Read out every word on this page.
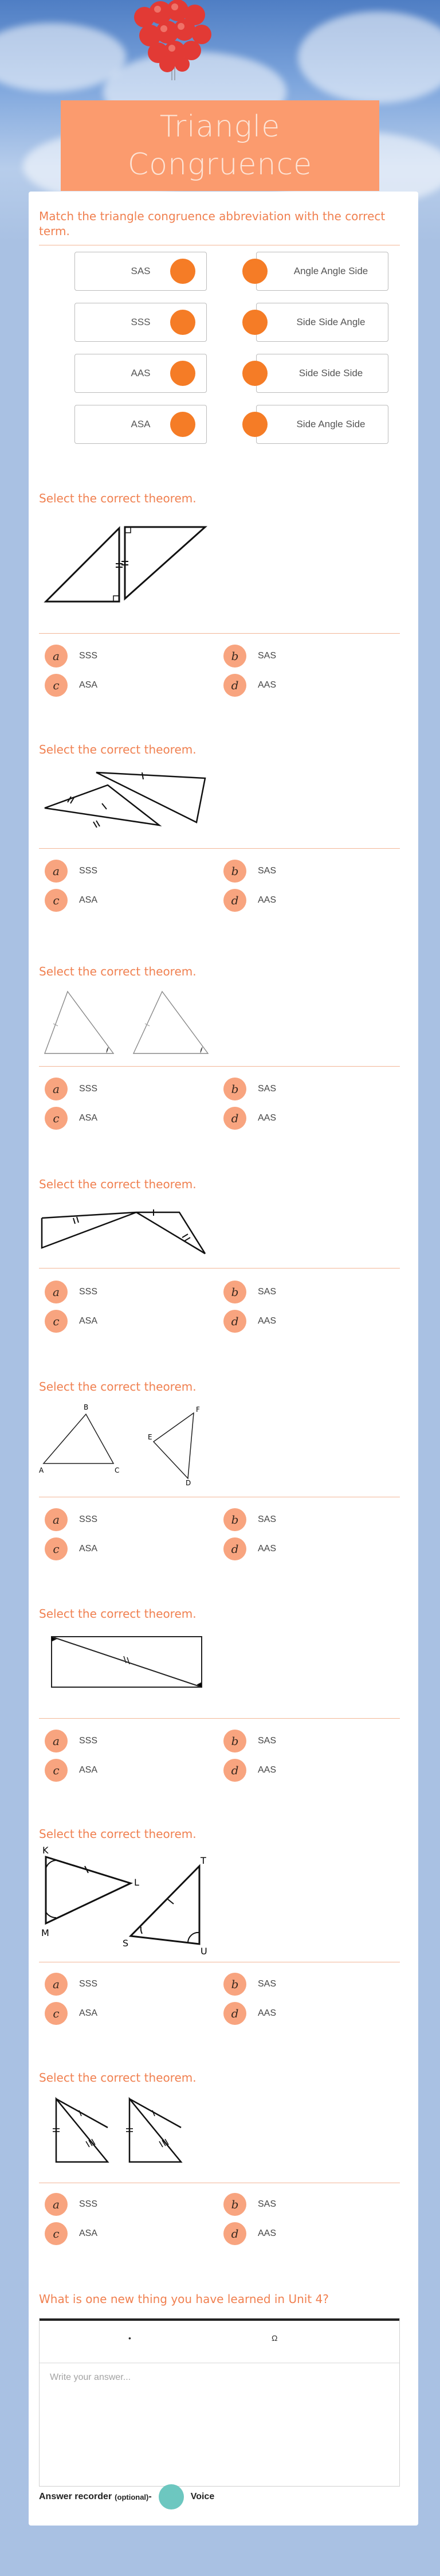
Triangle Congruence
Match the triangle congruence abbreviation with the correct term.
SAS	Angle Angle Side
SSS	Side Side Angle
AAS	Side Side Side
ASA	Side Angle Side
Select the correct theorem.
a	SSS	b	SAS
c	ASA	d	AAS
Select the correct theorem.
a	SSS	b	SAS
c	ASA	d	AAS
Select the correct theorem.
a	SSS	b	SAS
c	ASA	d	AAS
Select the correct theorem.
a	SSS	b	SAS
c	ASA	d	AAS
Select the correct theorem.
B
A	C
E
F
D
a	SSS	b	SAS
c	ASA	d	AAS
Select the correct theorem.
a	SSS	b	SAS
c	ASA	d	AAS
Select the correct theorem.
K
L
M
S
T
U
a	SSS	b	SAS
c	ASA	d	AAS
Select the correct theorem.
a	SSS	b	SAS
c	ASA	d	AAS
What is one new thing you have learned in Unit 4?
•	Ω
Write your answer...
Answer recorder (optional) -	Voice
